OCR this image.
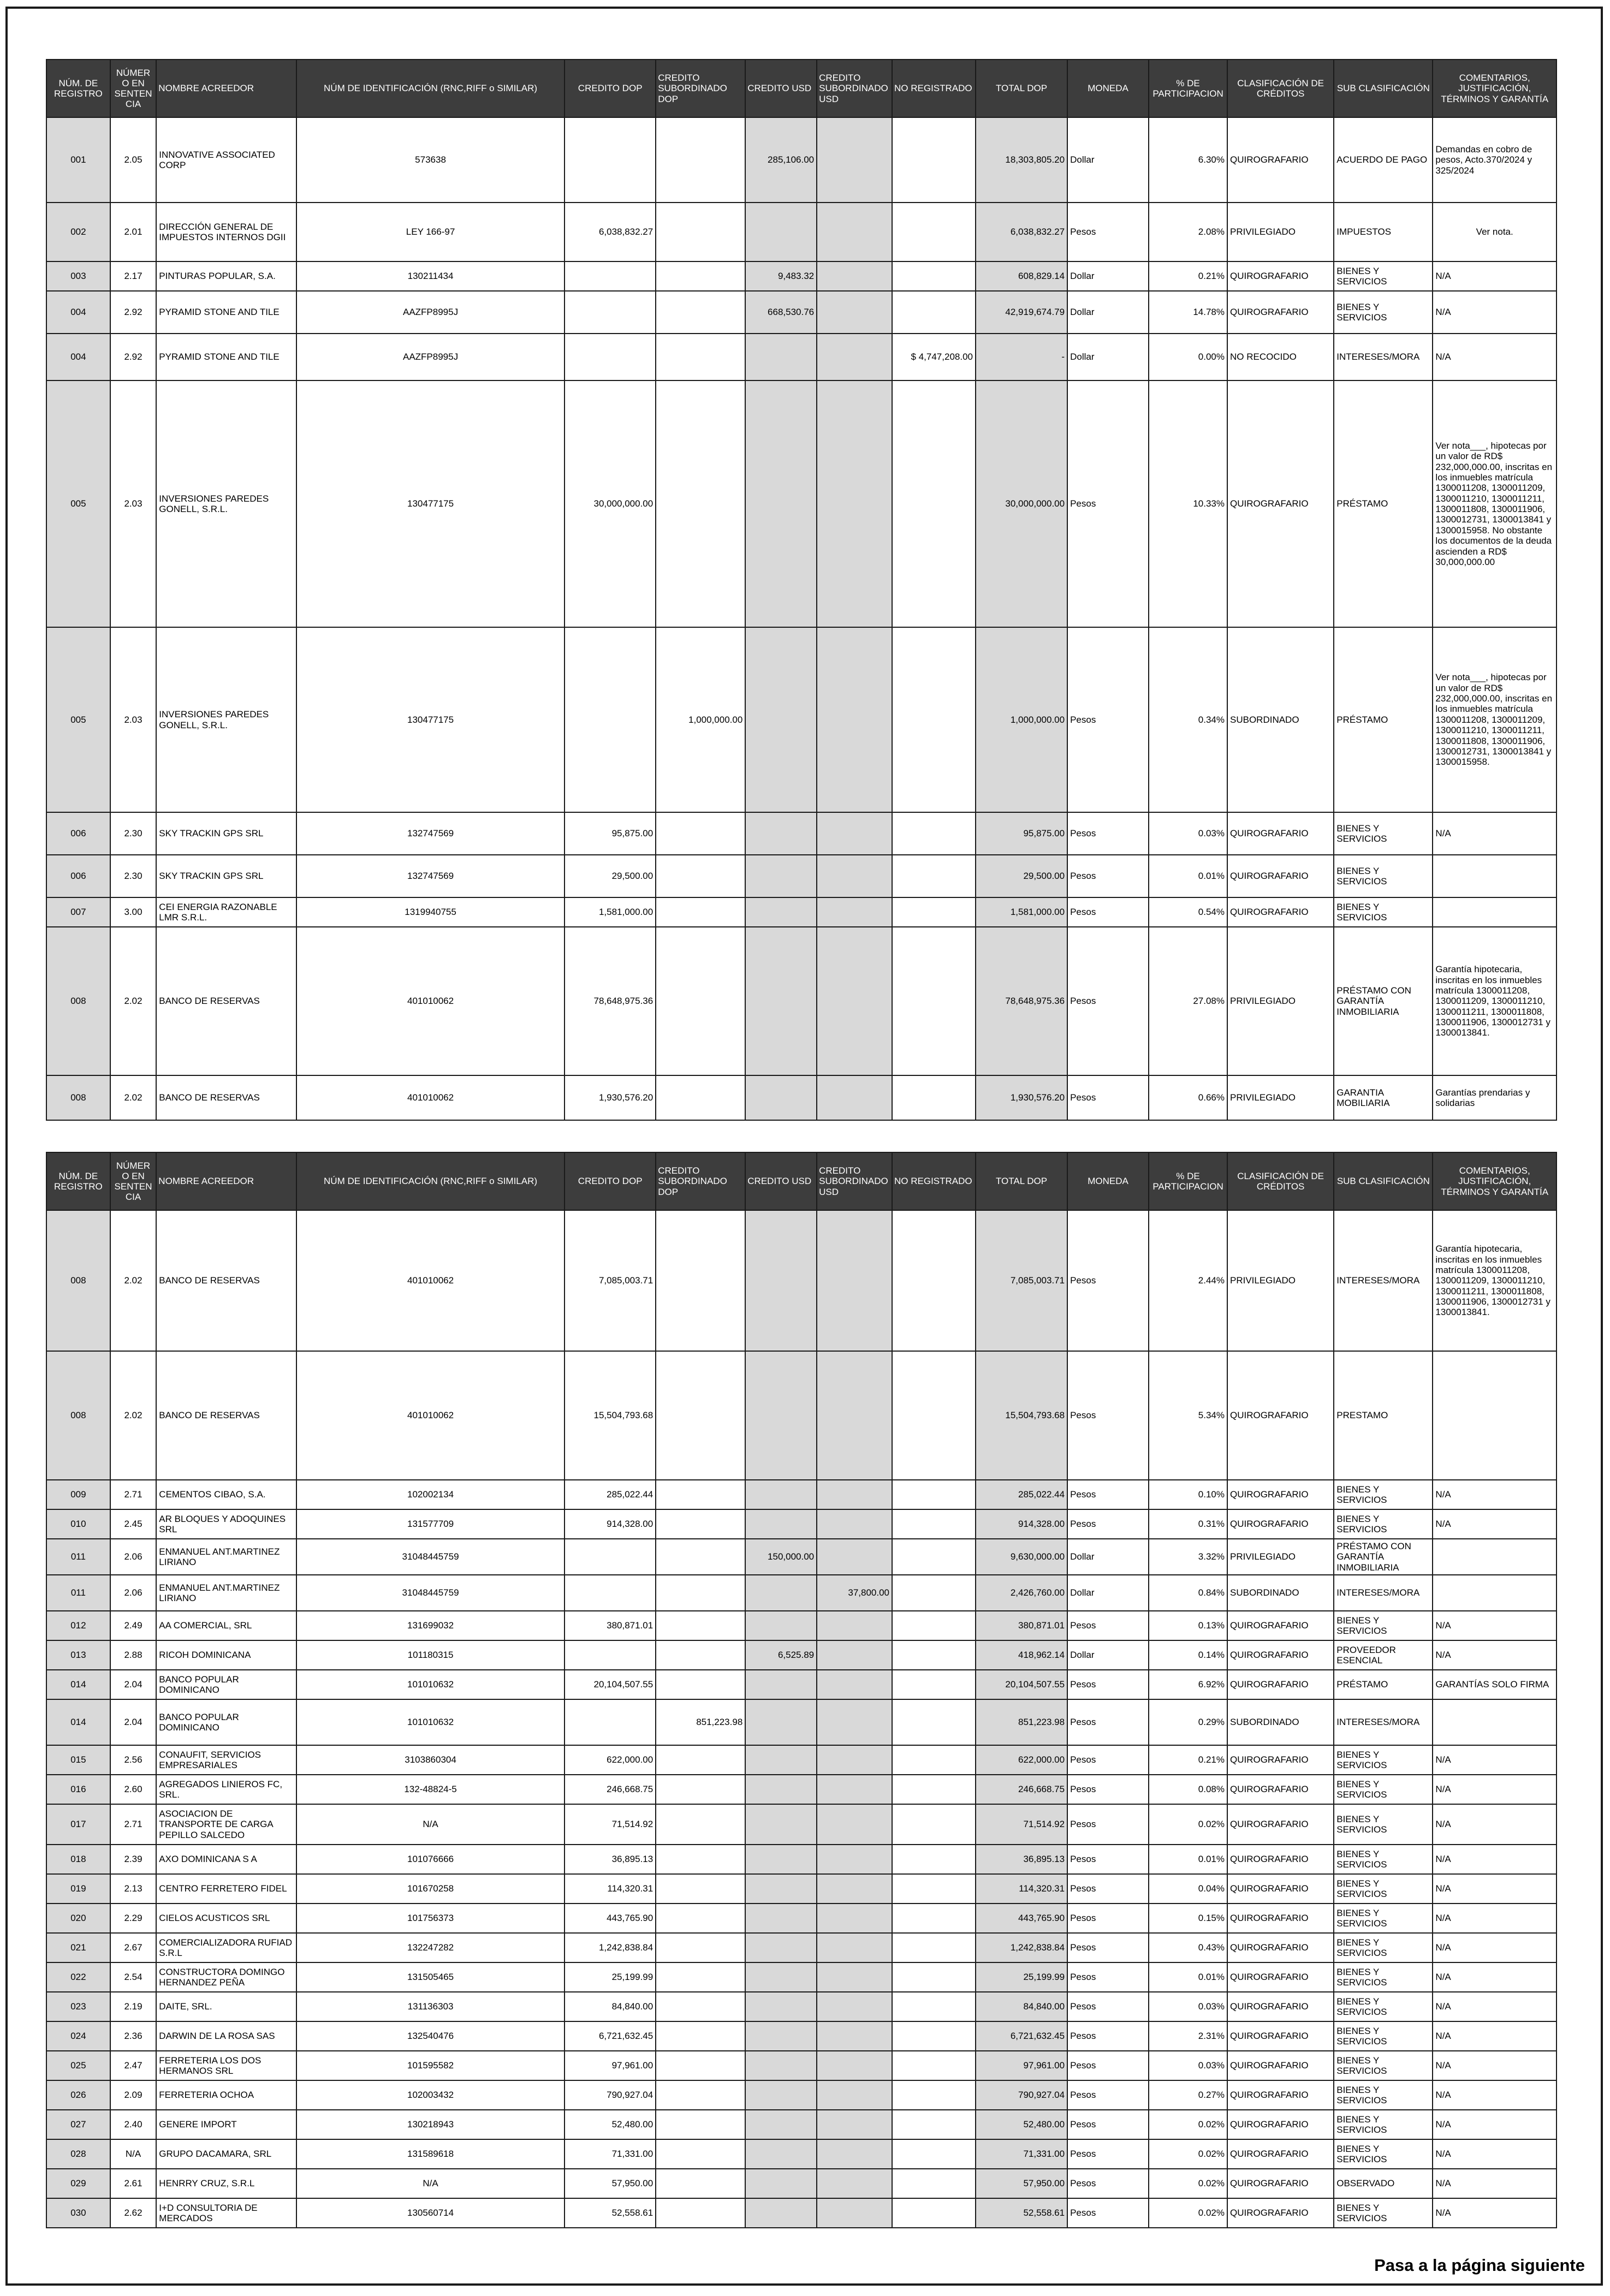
NÚM. DE REGISTRO	NÚMER O EN SENTEN CIA	NOMBRE ACREEDOR	NÚM DE IDENTIFICACIÓN (RNC,RIFF o SIMILAR)	CREDITO DOP	CREDITO SUBORDINADO DOP	CREDITO USD	CREDITO SUBORDINADO USD	NO REGISTRADO	TOTAL DOP	MONEDA	% DE PARTICIPACION	CLASIFICACIÓN DE CRÉDITOS	SUB CLASIFICACIÓN	COMENTARIOS, JUSTIFICACIÓN, TÉRMINOS Y GARANTÍA
001	2.05	INNOVATIVE ASSOCIATED CORP	573638			285,106.00			18,303,805.20	Dollar	6.30%	QUIROGRAFARIO	ACUERDO DE PAGO	Demandas en cobro de pesos, Acto.370/2024 y 325/2024
002	2.01	DIRECCIÓN GENERAL DE IMPUESTOS INTERNOS DGII	LEY 166-97	6,038,832.27					6,038,832.27	Pesos	2.08%	PRIVILEGIADO	IMPUESTOS	Ver nota.
003	2.17	PINTURAS POPULAR, S.A.	130211434			9,483.32			608,829.14	Dollar	0.21%	QUIROGRAFARIO	BIENES Y SERVICIOS	N/A
004	2.92	PYRAMID STONE AND TILE	AAZFP8995J			668,530.76			42,919,674.79	Dollar	14.78%	QUIROGRAFARIO	BIENES Y SERVICIOS	N/A
004	2.92	PYRAMID STONE AND TILE	AAZFP8995J					$ 4,747,208.00	-	Dollar	0.00%	NO RECOCIDO	INTERESES/MORA	N/A
005	2.03	INVERSIONES PAREDES GONELL, S.R.L.	130477175	30,000,000.00					30,000,000.00	Pesos	10.33%	QUIROGRAFARIO	PRÉSTAMO	Ver nota___, hipotecas por un valor de RD$ 232,000,000.00, inscritas en los inmuebles matrícula 1300011208, 1300011209, 1300011210, 1300011211, 1300011808, 1300011906, 1300012731, 1300013841 y 1300015958. No obstante los documentos de la deuda ascienden a RD$ 30,000,000.00
005	2.03	INVERSIONES PAREDES GONELL, S.R.L.	130477175		1,000,000.00				1,000,000.00	Pesos	0.34%	SUBORDINADO	PRÉSTAMO	Ver nota___, hipotecas por un valor de RD$ 232,000,000.00, inscritas en los inmuebles matrícula 1300011208, 1300011209, 1300011210, 1300011211, 1300011808, 1300011906, 1300012731, 1300013841 y 1300015958.
006	2.30	SKY TRACKIN GPS SRL	132747569	95,875.00					95,875.00	Pesos	0.03%	QUIROGRAFARIO	BIENES Y SERVICIOS	N/A
006	2.30	SKY TRACKIN GPS SRL	132747569	29,500.00					29,500.00	Pesos	0.01%	QUIROGRAFARIO	BIENES Y SERVICIOS	
007	3.00	CEI ENERGIA RAZONABLE LMR S.R.L.	1319940755	1,581,000.00					1,581,000.00	Pesos	0.54%	QUIROGRAFARIO	BIENES Y SERVICIOS	
008	2.02	BANCO DE RESERVAS	401010062	78,648,975.36					78,648,975.36	Pesos	27.08%	PRIVILEGIADO	PRÉSTAMO CON GARANTÍA INMOBILIARIA	Garantía hipotecaria, inscritas en los inmuebles matrícula 1300011208, 1300011209, 1300011210, 1300011211, 1300011808, 1300011906, 1300012731 y 1300013841.
008	2.02	BANCO DE RESERVAS	401010062	1,930,576.20					1,930,576.20	Pesos	0.66%	PRIVILEGIADO	GARANTIA MOBILIARIA	Garantías prendarias y solidarias
NÚM. DE REGISTRO	NÚMER O EN SENTEN CIA	NOMBRE ACREEDOR	NÚM DE IDENTIFICACIÓN (RNC,RIFF o SIMILAR)	CREDITO DOP	CREDITO SUBORDINADO DOP	CREDITO USD	CREDITO SUBORDINADO USD	NO REGISTRADO	TOTAL DOP	MONEDA	% DE PARTICIPACION	CLASIFICACIÓN DE CRÉDITOS	SUB CLASIFICACIÓN	COMENTARIOS, JUSTIFICACIÓN, TÉRMINOS Y GARANTÍA
008	2.02	BANCO DE RESERVAS	401010062	7,085,003.71					7,085,003.71	Pesos	2.44%	PRIVILEGIADO	INTERESES/MORA	Garantía hipotecaria, inscritas en los inmuebles matrícula 1300011208, 1300011209, 1300011210, 1300011211, 1300011808, 1300011906, 1300012731 y 1300013841.
008	2.02	BANCO DE RESERVAS	401010062	15,504,793.68					15,504,793.68	Pesos	5.34%	QUIROGRAFARIO	PRESTAMO	
009	2.71	CEMENTOS CIBAO, S.A.	102002134	285,022.44					285,022.44	Pesos	0.10%	QUIROGRAFARIO	BIENES Y SERVICIOS	N/A
010	2.45	AR BLOQUES Y ADOQUINES SRL	131577709	914,328.00					914,328.00	Pesos	0.31%	QUIROGRAFARIO	BIENES Y SERVICIOS	N/A
011	2.06	ENMANUEL ANT.MARTINEZ LIRIANO	31048445759			150,000.00			9,630,000.00	Dollar	3.32%	PRIVILEGIADO	PRÉSTAMO CON GARANTÍA INMOBILIARIA	
011	2.06	ENMANUEL ANT.MARTINEZ LIRIANO	31048445759				37,800.00		2,426,760.00	Dollar	0.84%	SUBORDINADO	INTERESES/MORA	
012	2.49	AA COMERCIAL, SRL	131699032	380,871.01					380,871.01	Pesos	0.13%	QUIROGRAFARIO	BIENES Y SERVICIOS	N/A
013	2.88	RICOH DOMINICANA	101180315			6,525.89			418,962.14	Dollar	0.14%	QUIROGRAFARIO	PROVEEDOR ESENCIAL	N/A
014	2.04	BANCO POPULAR DOMINICANO	101010632	20,104,507.55					20,104,507.55	Pesos	6.92%	QUIROGRAFARIO	PRÉSTAMO	GARANTÍAS SOLO FIRMA
014	2.04	BANCO POPULAR DOMINICANO	101010632		851,223.98				851,223.98	Pesos	0.29%	SUBORDINADO	INTERESES/MORA	
015	2.56	CONAUFIT, SERVICIOS EMPRESARIALES	3103860304	622,000.00					622,000.00	Pesos	0.21%	QUIROGRAFARIO	BIENES Y SERVICIOS	N/A
016	2.60	AGREGADOS LINIEROS FC, SRL.	132-48824-5	246,668.75					246,668.75	Pesos	0.08%	QUIROGRAFARIO	BIENES Y SERVICIOS	N/A
017	2.71	ASOCIACION DE TRANSPORTE DE CARGA PEPILLO SALCEDO	N/A	71,514.92					71,514.92	Pesos	0.02%	QUIROGRAFARIO	BIENES Y SERVICIOS	N/A
018	2.39	AXO DOMINICANA S A	101076666	36,895.13					36,895.13	Pesos	0.01%	QUIROGRAFARIO	BIENES Y SERVICIOS	N/A
019	2.13	CENTRO FERRETERO FIDEL	101670258	114,320.31					114,320.31	Pesos	0.04%	QUIROGRAFARIO	BIENES Y SERVICIOS	N/A
020	2.29	CIELOS ACUSTICOS SRL	101756373	443,765.90					443,765.90	Pesos	0.15%	QUIROGRAFARIO	BIENES Y SERVICIOS	N/A
021	2.67	COMERCIALIZADORA RUFIAD S.R.L	132247282	1,242,838.84					1,242,838.84	Pesos	0.43%	QUIROGRAFARIO	BIENES Y SERVICIOS	N/A
022	2.54	CONSTRUCTORA DOMINGO HERNANDEZ PEÑA	131505465	25,199.99					25,199.99	Pesos	0.01%	QUIROGRAFARIO	BIENES Y SERVICIOS	N/A
023	2.19	DAITE, SRL.	131136303	84,840.00					84,840.00	Pesos	0.03%	QUIROGRAFARIO	BIENES Y SERVICIOS	N/A
024	2.36	DARWIN DE LA ROSA SAS	132540476	6,721,632.45					6,721,632.45	Pesos	2.31%	QUIROGRAFARIO	BIENES Y SERVICIOS	N/A
025	2.47	FERRETERIA LOS DOS HERMANOS SRL	101595582	97,961.00					97,961.00	Pesos	0.03%	QUIROGRAFARIO	BIENES Y SERVICIOS	N/A
026	2.09	FERRETERIA OCHOA	102003432	790,927.04					790,927.04	Pesos	0.27%	QUIROGRAFARIO	BIENES Y SERVICIOS	N/A
027	2.40	GENERE IMPORT	130218943	52,480.00					52,480.00	Pesos	0.02%	QUIROGRAFARIO	BIENES Y SERVICIOS	N/A
028	N/A	GRUPO DACAMARA, SRL	131589618	71,331.00					71,331.00	Pesos	0.02%	QUIROGRAFARIO	BIENES Y SERVICIOS	N/A
029	2.61	HENRRY CRUZ, S.R.L	N/A	57,950.00					57,950.00	Pesos	0.02%	QUIROGRAFARIO	OBSERVADO	N/A
030	2.62	I+D CONSULTORIA DE MERCADOS	130560714	52,558.61					52,558.61	Pesos	0.02%	QUIROGRAFARIO	BIENES Y SERVICIOS	N/A
Pasa a la página siguiente
